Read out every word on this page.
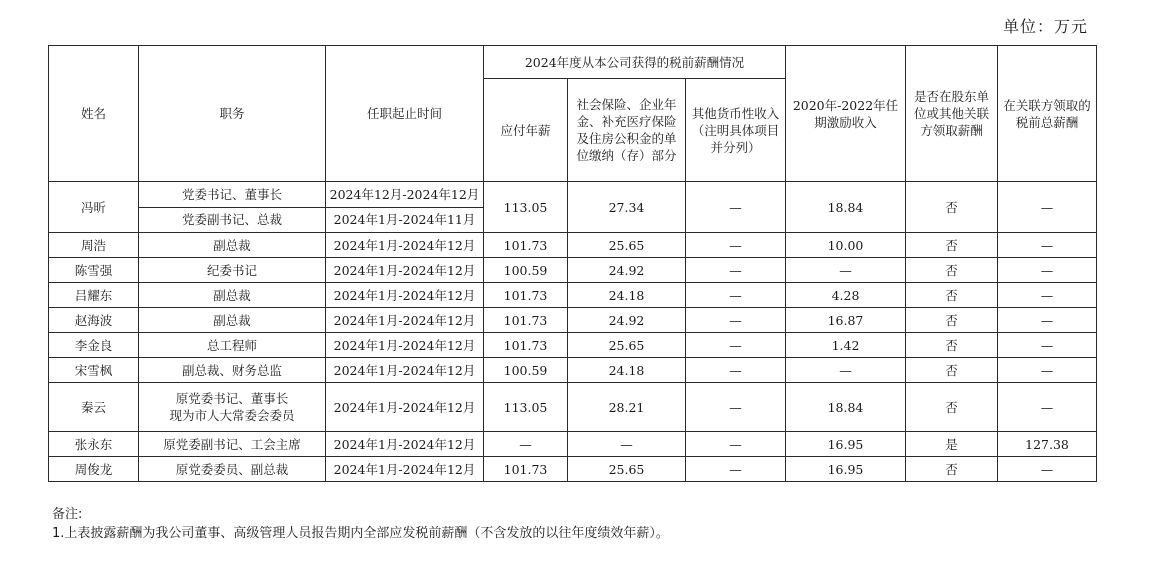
单位：万元
姓名	职务	任职起止时间	2024年度从本公司获得的税前薪酬情况			2020年-2022年任期激励收入	是否在股东单位或其他关联方领取薪酬	在关联方领取的税前总薪酬
			应付年薪	社会保险、企业年金、补充医疗保险及住房公积金的单位缴纳（存）部分	其他货币性收入（注明具体项目并分列）			
冯昕	党委书记、董事长	2024年12月-2024年12月	113.05	27.34	—	18.84	否	—
	党委副书记、总裁	2024年1月-2024年11月						
周浩	副总裁	2024年1月-2024年12月	101.73	25.65	—	10.00	否	—
陈雪强	纪委书记	2024年1月-2024年12月	100.59	24.92	—	—	否	—
吕耀东	副总裁	2024年1月-2024年12月	101.73	24.18	—	4.28	否	—
赵海波	副总裁	2024年1月-2024年12月	101.73	24.92	—	16.87	否	—
李金良	总工程师	2024年1月-2024年12月	101.73	25.65	—	1.42	否	—
宋雪枫	副总裁、财务总监	2024年1月-2024年12月	100.59	24.18	—	—	否	—
秦云	原党委书记、董事长
现为市人大常委会委员	2024年1月-2024年12月	113.05	28.21	—	18.84	否	—
张永东	原党委副书记、工会主席	2024年1月-2024年12月	—	—	—	16.95	是	127.38
周俊龙	原党委委员、副总裁	2024年1月-2024年12月	101.73	25.65	—	16.95	否	—
备注:
1.上表披露薪酬为我公司董事、高级管理人员报告期内全部应发税前薪酬（不含发放的以往年度绩效年薪）。
